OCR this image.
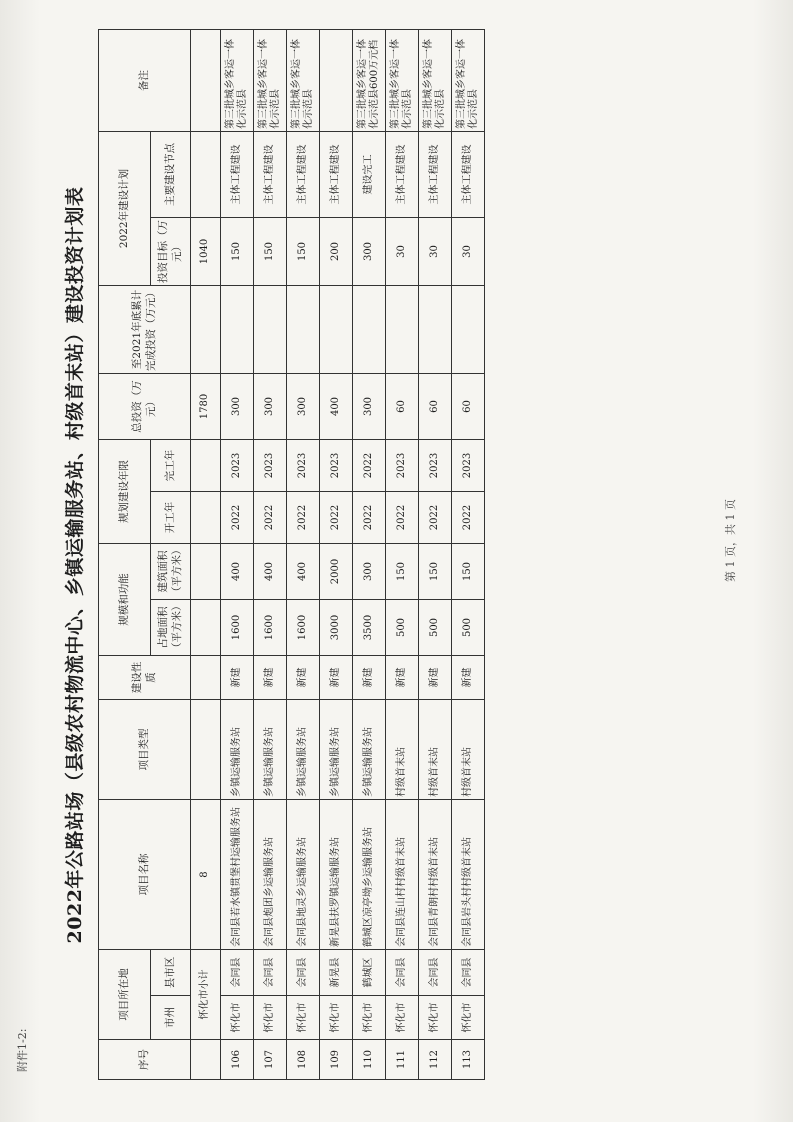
附件1-2:
第 1 页，共 1 页
2022年公路站场（县级农村物流中心、乡镇运输服务站、村级首末站）建设投资计划表
序号	项目所在地		项目名称	项目类型	建设性质	规模和功能		规划建设年限		总投资（万元）	至2021年底累计完成投资（万元）	2022年建设计划		备注

	市州	县市区				占地面积（平方米）	建筑面积（平方米）	开工年	完工年			投资目标（万元）	主要建设节点	
	怀化市小计		8							1780		1040		
106	怀化市	会同县	会同县若水镇贯堡村运输服务站	乡镇运输服务站	新建	1600	400	2022	2023	300		150	主体工程建设	第三批城乡客运一体化示范县
107	怀化市	会同县	会同县炮团乡运输服务站	乡镇运输服务站	新建	1600	400	2022	2023	300		150	主体工程建设	第三批城乡客运一体化示范县
108	怀化市	会同县	会同县地灵乡运输服务站	乡镇运输服务站	新建	1600	400	2022	2023	300		150	主体工程建设	第三批城乡客运一体化示范县
109	怀化市	新晃县	新晃县扶罗镇运输服务站	乡镇运输服务站	新建	3000	2000	2022	2023	400		200	主体工程建设	
110	怀化市	鹤城区	鹤城区凉亭坳乡运输服务站	乡镇运输服务站	新建	3500	300	2022	2022	300		300	建设完工	第三批城乡客运一体化示范县600万元档
111	怀化市	会同县	会同县连山村村级首末站	村级首末站	新建	500	150	2022	2023	60		30	主体工程建设	第三批城乡客运一体化示范县
112	怀化市	会同县	会同县青朗村村级首末站	村级首末站	新建	500	150	2022	2023	60		30	主体工程建设	第三批城乡客运一体化示范县
113	怀化市	会同县	会同县岩头村村级首末站	村级首末站	新建	500	150	2022	2023	60		30	主体工程建设	第三批城乡客运一体化示范县
